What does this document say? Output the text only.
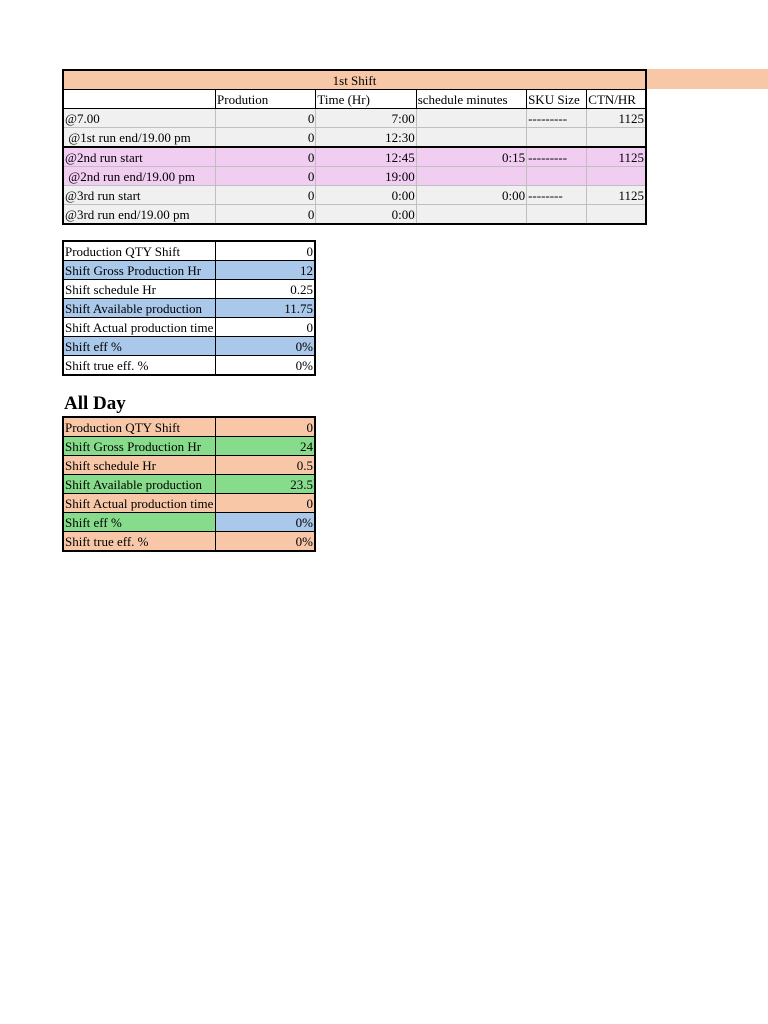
1st Shift					
	Prodution	Time (Hr)	schedule minutes	SKU Size	CTN/HR
@7.00	0	7:00		---------	1125
@1st run end/19.00 pm	0	12:30			
@2nd run start	0	12:45	0:15	---------	1125
@2nd run end/19.00 pm	0	19:00			
@3rd run start	0	0:00	0:00	--------	1125
@3rd run end/19.00 pm	0	0:00			
Production QTY Shift	0
Shift Gross Production Hr	12
Shift schedule Hr	0.25
Shift Available production	11.75
Shift Actual production time	0
Shift eff %	0%
Shift true eff. %	0%
All Day
Production QTY Shift	0
Shift Gross Production Hr	24
Shift schedule Hr	0.5
Shift Available production	23.5
Shift Actual production time	0
Shift eff %	0%
Shift true eff. %	0%
